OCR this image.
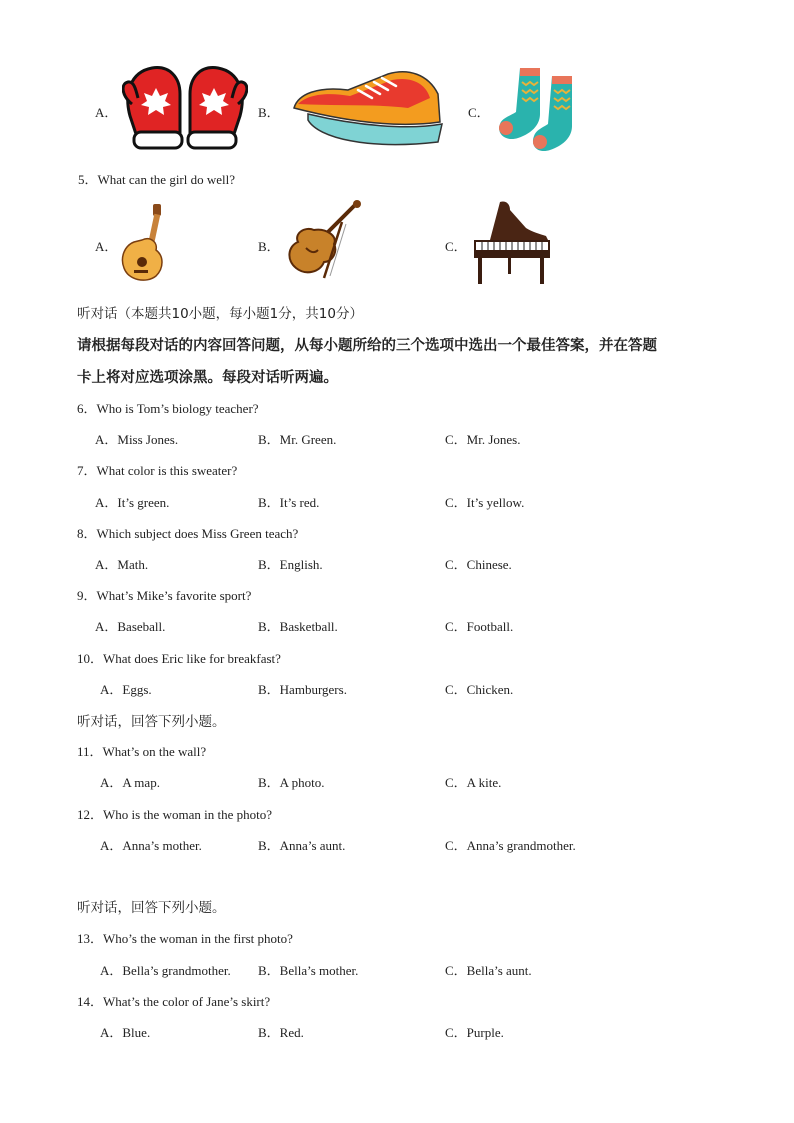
A．	B．	C．
5．What can the girl do well?
A．	B．	C．
听对话（本题共10小题，每小题1分，共10分）
请根据每段对话的内容回答问题，从每小题所给的三个选项中选出一个最佳答案，并在答题
卡上将对应选项涂黑。每段对话听两遍。
6．Who is Tom’s biology teacher?
A．Miss Jones.	B．Mr. Green.	C．Mr. Jones.
7．What color is this sweater?
A．It’s green.	B．It’s red.	C．It’s yellow.
8．Which subject does Miss Green teach?
A．Math.	B．English.	C．Chinese.
9．What’s Mike’s favorite sport?
A．Baseball.	B．Basketball.	C．Football.
10．What does Eric like for breakfast?
A．Eggs.	B．Hamburgers.	C．Chicken.
听对话，回答下列小题。
11．What’s on the wall?
A．A map.	B．A photo.	C．A kite.
12．Who is the woman in the photo?
A．Anna’s mother.	B．Anna’s aunt.	C．Anna’s grandmother.
听对话，回答下列小题。
13．Who’s the woman in the first photo?
A．Bella’s grandmother. B．Bella’s mother.	C．Bella’s aunt.
14．What’s the color of Jane’s skirt?
A．Blue.	B．Red.	C．Purple.
